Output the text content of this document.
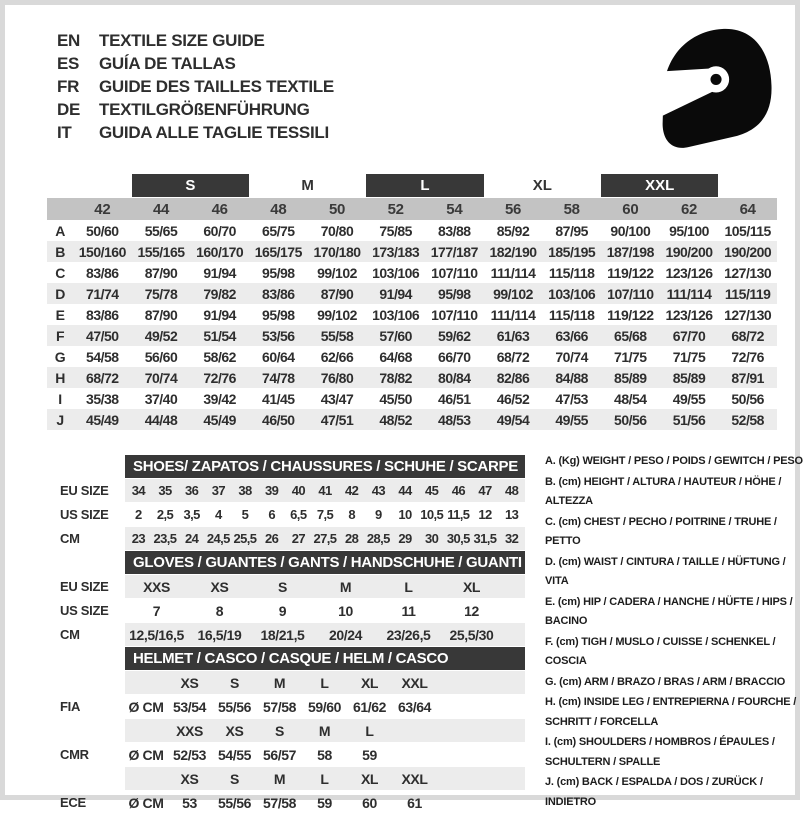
EN	TEXTILE SIZE GUIDE
ES	GUÍA DE TALLAS
FR	GUIDE DES TAILLES TEXTILE
DE	TEXTILGRÖßENFÜHRUNG
IT	GUIDA ALLE TAGLIE TESSILI
S	M	L	XL	XXL
42	44	46	48	50	52	54	56	58	60	62	64
A	50/60	55/65	60/70	65/75	70/80	75/85	83/88	85/92	87/95	90/100	95/100	105/115
B 150/160 155/165 160/170 165/175 170/180 173/183 177/187 182/190 185/195 187/198 190/200 190/200
C	83/86	87/90	91/94	95/98	99/102	103/106 107/110 111/114 115/118 119/122 123/126 127/130
D	71/74	75/78	79/82	83/86	87/90	91/94	95/98	99/102	103/106 107/110 111/114 115/119
E	83/86	87/90	91/94	95/98	99/102	103/106 107/110 111/114 115/118 119/122 123/126 127/130
F	47/50	49/52	51/54	53/56	55/58	57/60	59/62	61/63	63/66	65/68	67/70	68/72
G	54/58	56/60	58/62	60/64	62/66	64/68	66/70	68/72	70/74	71/75	71/75	72/76
H	68/72	70/74	72/76	74/78	76/80	78/82	80/84	82/86	84/88	85/89	85/89	87/91
I	35/38	37/40	39/42	41/45	43/47	45/50	46/51	46/52	47/53	48/54	49/55	50/56
J	45/49	44/48	45/49	46/50	47/51	48/52	48/53	49/54	49/55	50/56	51/56	52/58
SHOES/ ZAPATOS / CHAUSSURES / SCHUHE / SCARPE
EU SIZE	34	35	36	37	38	39	40	41	42	43	44	45	46	47	48
US SIZE	2	2,5 3,5	4	5	6	6,5 7,5	8	9	10 10,5 11,5 12	13
CM	23 23,5 24 24,5 25,5 26	27 27,5 28 28,5 29	30 30,5 31,5 32
GLOVES / GUANTES / GANTS / HANDSCHUHE / GUANTI
EU SIZE	XXS	XS	S	M	L	XL
US SIZE	7	8	9	10	11	12
CM	12,5/16,5 16,5/19	18/21,5	20/24	23/26,5	25,5/30
HELMET / CASCO / CASQUE / HELM / CASCO
XS	S	M	L	XL	XXL
FIA	Ø CM 53/54 55/56 57/58 59/60 61/62 63/64
XXS	XS	S	M	L
CMR	Ø CM 52/53 54/55 56/57	58	59
XS	S	M	L	XL	XXL
ECE	Ø CM	53	55/56 57/58	59	60	61
A. (Kg) WEIGHT / PESO / POIDS / GEWITCH / PESO
B. (cm) HEIGHT / ALTURA / HAUTEUR / HÖHE / ALTEZZA
C. (cm) CHEST / PECHO / POITRINE / TRUHE / PETTO
D. (cm) WAIST / CINTURA / TAILLE / HÜFTUNG / VITA
E. (cm) HIP / CADERA / HANCHE / HÜFTE / HIPS / BACINO
F. (cm) TIGH / MUSLO / CUISSE / SCHENKEL / COSCIA
G. (cm) ARM / BRAZO / BRAS / ARM / BRACCIO
H. (cm) INSIDE LEG / ENTREPIERNA / FOURCHE / SCHRITT / FORCELLA
I. (cm) SHOULDERS / HOMBROS / ÉPAULES / SCHULTERN / SPALLE
J. (cm) BACK / ESPALDA / DOS / ZURÜCK / INDIETRO
